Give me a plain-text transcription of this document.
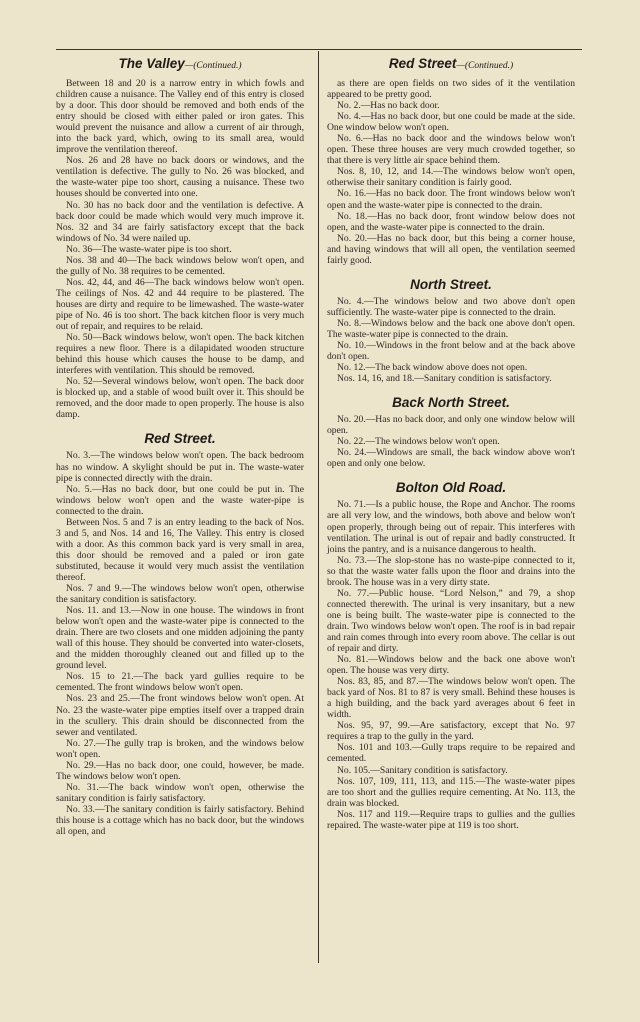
The Valley—(Continued.)

Between 18 and 20 is a narrow entry in which fowls and children cause a nuisance. The Valley end of this entry is closed by a door. This door should be removed and both ends of the entry should be closed with either paled or iron gates. This would prevent the nuisance and allow a current of air through, into the back yard, which, owing to its small area, would improve the ventilation thereof.

Nos. 26 and 28 have no back doors or windows, and the ventilation is defective. The gully to No. 26 was blocked, and the waste-water pipe too short, causing a nuisance. These two houses should be converted into one.

No. 30 has no back door and the ventilation is defective. A back door could be made which would very much improve it. Nos. 32 and 34 are fairly satisfactory except that the back windows of No. 34 were nailed up.

No. 36—The waste-water pipe is too short.

Nos. 38 and 40—The back windows below won't open, and the gully of No. 38 requires to be cemented.

Nos. 42, 44, and 46—The back windows below won't open. The ceilings of Nos. 42 and 44 require to be plastered. The houses are dirty and require to be limewashed. The waste-water pipe of No. 46 is too short. The back kitchen floor is very much out of repair, and requires to be relaid.

No. 50—Back windows below, won't open. The back kitchen requires a new floor. There is a dilapidated wooden structure behind this house which causes the house to be damp, and interferes with ventilation. This should be removed.

No. 52—Several windows below, won't open. The back door is blocked up, and a stable of wood built over it. This should be removed, and the door made to open properly. The house is also damp.

Red Street.

No. 3.—The windows below won't open. The back bedroom has no window. A skylight should be put in. The waste-water pipe is connected directly with the drain.

No. 5.—Has no back door, but one could be put in. The windows below won't open and the waste water-pipe is connected to the drain.

Between Nos. 5 and 7 is an entry leading to the back of Nos. 3 and 5, and Nos. 14 and 16, The Valley. This entry is closed with a door. As this common back yard is very small in area, this door should be removed and a paled or iron gate substituted, because it would very much assist the ventilation thereof.

Nos. 7 and 9.—The windows below won't open, otherwise the sanitary condition is satisfactory.

Nos. 11. and 13.—Now in one house. The windows in front below won't open and the waste-water pipe is connected to the drain. There are two closets and one midden adjoining the panty wall of this house. They should be converted into water-closets, and the midden thoroughly cleaned out and filled up to the ground level.

Nos. 15 to 21.—The back yard gullies require to be cemented. The front windows below won't open.

Nos. 23 and 25.—The front windows below won't open. At No. 23 the waste-water pipe empties itself over a trapped drain in the scullery. This drain should be disconnected from the sewer and ventilated.

No. 27.—The gully trap is broken, and the windows below won't open.

No. 29.—Has no back door, one could, however, be made. The windows below won't open.

No. 31.—The back window won't open, otherwise the sanitary condition is fairly satisfactory.

No. 33.—The sanitary condition is fairly satisfactory. Behind this house is a cottage which has no back door, but the windows all open, and

Red Street—(Continued.)

as there are open fields on two sides of it the ventilation appeared to be pretty good.

No. 2.—Has no back door.

No. 4.—Has no back door, but one could be made at the side. One window below won't open.

No. 6.—Has no back door and the windows below won't open. These three houses are very much crowded together, so that there is very little air space behind them.

Nos. 8, 10, 12, and 14.—The windows below won't open, otherwise their sanitary condition is fairly good.

No. 16.—Has no back door. The front windows below won't open and the waste-water pipe is connected to the drain.

No. 18.—Has no back door, front window below does not open, and the waste-water pipe is connected to the drain.

No. 20.—Has no back door, but this being a corner house, and having windows that will all open, the ventilation seemed fairly good.

North Street.

No. 4.—The windows below and two above don't open sufficiently. The waste-water pipe is connected to the drain.

No. 8.—Windows below and the back one above don't open. The waste-water pipe is connected to the drain.

No. 10.—Windows in the front below and at the back above don't open.

No. 12.—The back window above does not open.

Nos. 14, 16, and 18.—Sanitary condition is satisfactory.

Back North Street.

No. 20.—Has no back door, and only one window below will open.

No. 22.—The windows below won't open.

No. 24.—Windows are small, the back window above won't open and only one below.

Bolton Old Road.

No. 71.—Is a public house, the Rope and Anchor. The rooms are all very low, and the windows, both above and below won't open properly, through being out of repair. This interferes with ventilation. The urinal is out of repair and badly constructed. It joins the pantry, and is a nuisance dangerous to health.

No. 73.—The slop-stone has no waste-pipe connected to it, so that the waste water falls upon the floor and drains into the brook. The house was in a very dirty state.

No. 77.—Public house. “Lord Nelson,” and 79, a shop connected therewith. The urinal is very insanitary, but a new one is being built. The waste-water pipe is connected to the drain. Two windows below won't open. The roof is in bad repair and rain comes through into every room above. The cellar is out of repair and dirty.

No. 81.—Windows below and the back one above won't open. The house was very dirty.

Nos. 83, 85, and 87.—The windows below won't open. The back yard of Nos. 81 to 87 is very small. Behind these houses is a high building, and the back yard averages about 6 feet in width.

Nos. 95, 97, 99.—Are satisfactory, except that No. 97 requires a trap to the gully in the yard.

Nos. 101 and 103.—Gully traps require to be repaired and cemented.

No. 105.—Sanitary condition is satisfactory.

Nos. 107, 109, 111, 113, and 115.—The waste-water pipes are too short and the gullies require cementing. At No. 113, the drain was blocked.

Nos. 117 and 119.—Require traps to gullies and the gullies repaired. The waste-water pipe at 119 is too short.
